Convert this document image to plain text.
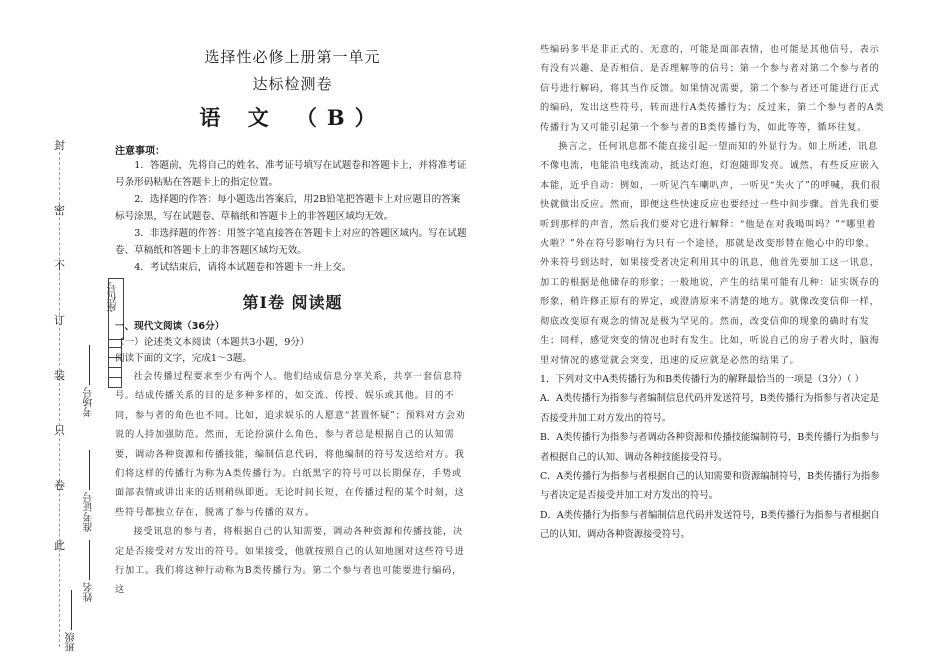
封
密
不
订
装
只
卷
此
座位号
考场号
准考证号
姓名
班级
选择性必修上册第一单元
达标检测卷
语 文 （B）
注意事项：

1．答题前，先将自己的姓名、准考证号填写在试题卷和答题卡上，并将准考证号条形码粘贴在答题卡上的指定位置。

2．选择题的作答：每小题选出答案后，用2B铅笔把答题卡上对应题目的答案标号涂黑，写在试题卷、草稿纸和答题卡上的非答题区域均无效。

3．非选择题的作答：用签字笔直接答在答题卡上对应的答题区域内。写在试题卷、草稿纸和答题卡上的非答题区域均无效。

4．考试结束后，请将本试题卷和答题卡一并上交。

第Ⅰ卷 阅读题
一、现代文阅读（36分）

（一）论述类文本阅读（本题共3小题，9分）

阅读下面的文字，完成1～3题。

社会传播过程要求至少有两个人。他们结成信息分享关系，共享一套信息符号。结成传播关系的目的是多种多样的，如交流、传授、娱乐或其他。目的不同，参与者的角色也不同。比如，追求娱乐的人愿意“甚置怀疑”；预料对方会劝说的人持加强防范。然而，无论扮演什么角色，参与者总是根据自己的认知需要，调动各种资源和传播技能，编制信息代码，将他编制的符号发送给对方。我们将这样的传播行为称为A类传播行为。白纸黑字的符号可以长期保存，手势或面部表情或讲出来的话则稍纵即逝。无论时间长短，在传播过程的某个时刻，这些符号都独立存在，脱离了参与传播的双方。

接受讯息的参与者，将根据自己的认知需要，调动各种资源和传播技能，决定是否接受对方发出的符号。如果接受，他就按照自己的认知地图对这些符号进行加工。我们将这种行动称为B类传播行为。第二个参与者也可能要进行编码，这

些编码多半是非正式的、无意的，可能是面部表情，也可能是其他信号，表示有没有兴趣、是否相信、是否理解等的信号；第一个参与者对第二个参与者的信号进行解码，将其当作反馈。如果情况需要，第二个参与者还可能进行正式的编码，发出这些符号，转而进行A类传播行为；反过来，第二个参与者的A类传播行为又可能引起第一个参与者的B类传播行为，如此等等，循环往复。

换言之，任何讯息都不能直接引起一望而知的外显行为。如上所述，讯息不像电流，电能沿电线流动，抵达灯泡，灯泡随即发亮。诚然，有些反应嵌入本能，近乎自动：例如，一听见汽车喇叭声，一听见“失火了”的呼喊，我们很快就做出反应。然而，即便这些快速反应也要经过一些中间步骤。首先我们要听到那样的声音，然后我们要对它进行解释：“他是在对我喝叫吗？”“哪里着火啦？”外在符号影响行为只有一个途径，那就是改变形替在他心中的印象。外来符号到达时，如果接受者决定利用其中的讯息，他首先要加工这一讯息，加工的根据是他储存的形象；一般地说，产生的结果可能有几种：证实既存的形象，稍许修正原有的界定，或澄清原来不清楚的地方。就像改变信仰一样，彻底改变原有观念的情况是极为罕见的。然而，改变信仰的现象的确时有发生；同样，感觉突变的情况也时有发生。比如，听说自己的房子着火时，脑海里对情况的感觉就会突变，迅速的反应就是必然的结果了。

1．下列对文中A类传播行为和B类传播行为的解释最恰当的一项是（3分）（ ）

A．A类传播行为指参与者编制信息代码并发送符号，B类传播行为指参与者决定是否接受并加工对方发出的符号。

B．A类传播行为指参与者调动各种资源和传播技能编制符号，B类传播行为指参与者根据自己的认知、调动各种技能接受符号。

C．A类传播行为指参与者根据自己的认知需要和资源编制符号，B类传播行为指参与者决定是否接受并加工对方发出的符号。

D．A类传播行为指参与者编制信息代码并发送符号，B类传播行为指参与者根据自己的认知、调动各种资源接受符号。
